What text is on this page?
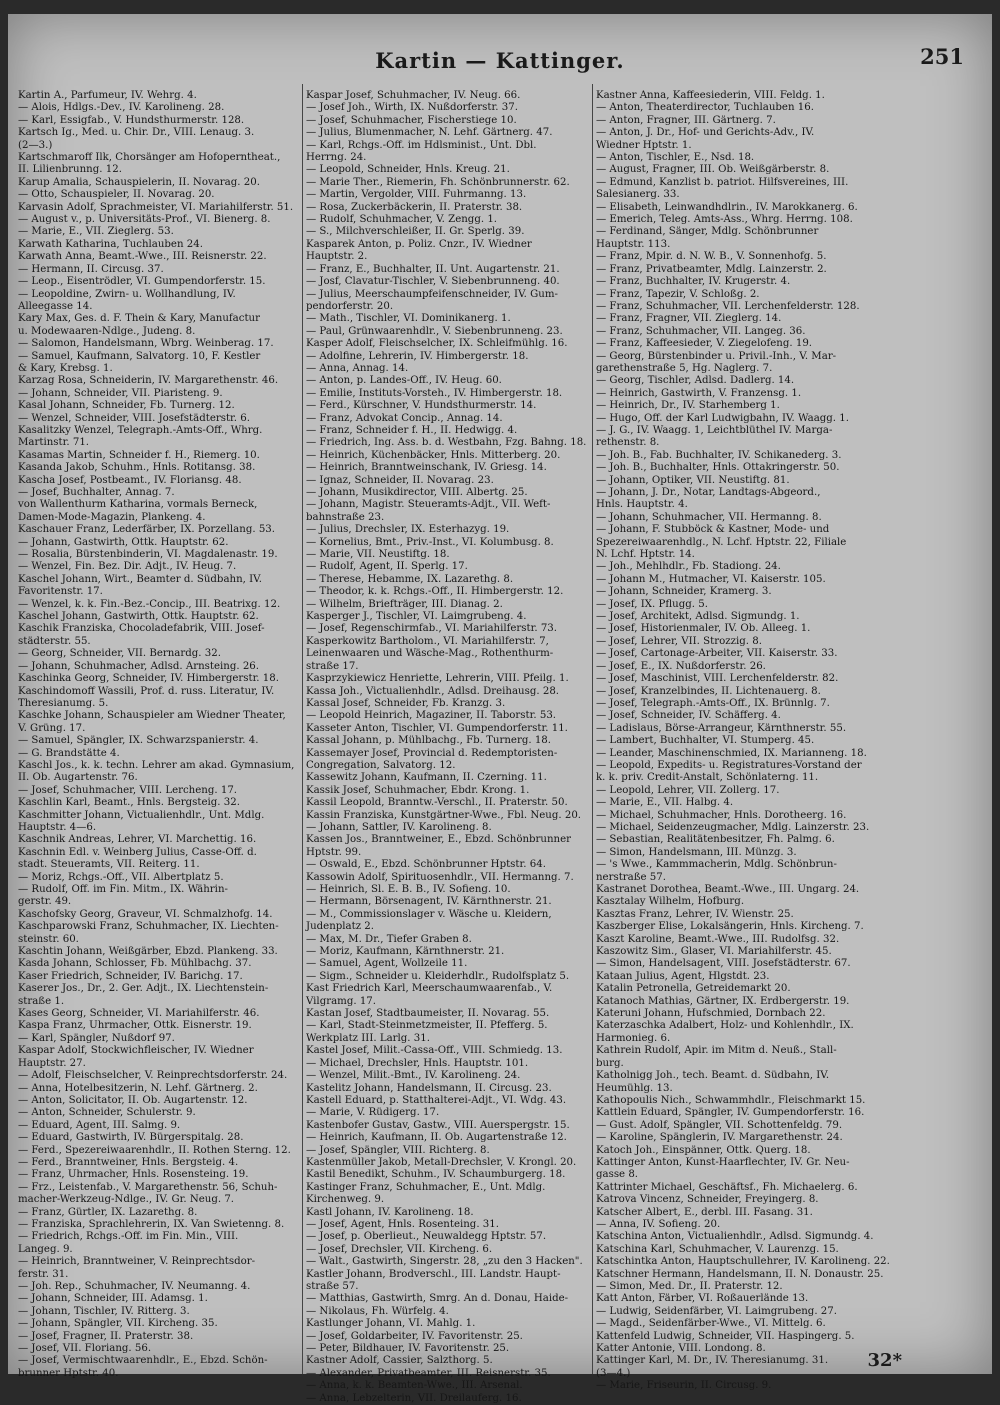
Kartin — Kattinger.	251
Kartin A., Parfumeur, IV. Wehrg. 4.
— Alois, Hdlgs.-Dev., IV. Karolineng. 28.
— Karl, Essigfab., V. Hundsthurmerstr. 128.
Kartsch Ig., Med. u. Chir. Dr., VIII. Lenaug. 3.
(2—3.)
Kartschmaroff Ilk, Chorsänger am Hofoperntheat.,
II. Lilienbrunng. 12.
Karup Amalia, Schauspielerin, II. Novarag. 20.
— Otto, Schauspieler, II. Novarag. 20.
Karvasin Adolf, Sprachmeister, VI. Mariahilferstr. 51.
— August v., p. Universitäts-Prof., VI. Bienerg. 8.
— Marie, E., VII. Zieglerg. 53.
Karwath Katharina, Tuchlauben 24.
Karwath Anna, Beamt.-Wwe., III. Reisnerstr. 22.
— Hermann, II. Circusg. 37.
— Leop., Eisentrödler, VI. Gumpendorferstr. 15.
— Leopoldine, Zwirn- u. Wollhandlung, IV.
Alleegasse 14.
Kary Max, Ges. d. F. Thein & Kary, Manufactur
u. Modewaaren-Ndlge., Judeng. 8.
— Salomon, Handelsmann, Wbrg. Weinberag. 17.
— Samuel, Kaufmann, Salvatorg. 10, F. Kestler
& Kary, Krebsg. 1.
Karzag Rosa, Schneiderin, IV. Margarethenstr. 46.
— Johann, Schneider, VII. Piaristeng. 9.
Kasal Johann, Schneider, Fb. Turnerg. 12.
— Wenzel, Schneider, VIII. Josefstädterstr. 6.
Kasalitzky Wenzel, Telegraph.-Amts-Off., Whrg.
Martinstr. 71.
Kasamas Martin, Schneider f. H., Riemerg. 10.
Kasanda Jakob, Schuhm., Hnls. Rotitansg. 38.
Kascha Josef, Postbeamt., IV. Floriansg. 48.
— Josef, Buchhalter, Annag. 7.
von Wallenthurm Katharina, vormals Berneck,
Damen-Mode-Magazin, Plankeng. 4.
Kaschauer Franz, Lederfärber, IX. Porzellang. 53.
— Johann, Gastwirth, Ottk. Hauptstr. 62.
— Rosalia, Bürstenbinderin, VI. Magdalenastr. 19.
— Wenzel, Fin. Bez. Dir. Adjt., IV. Heug. 7.
Kaschel Johann, Wirt., Beamter d. Südbahn, IV.
Favoritenstr. 17.
— Wenzel, k. k. Fin.-Bez.-Concip., III. Beatrixg. 12.
Kaschel Johann, Gastwirth, Ottk. Hauptstr. 62.
Kaschik Franziska, Chocoladefabrik, VIII. Josef-
städterstr. 55.
— Georg, Schneider, VII. Bernardg. 32.
— Johann, Schuhmacher, Adlsd. Arnsteing. 26.
Kaschinka Georg, Schneider, IV. Himbergerstr. 18.
Kaschindomoff Wassili, Prof. d. russ. Literatur, IV.
Theresianumg. 5.
Kaschke Johann, Schauspieler am Wiedner Theater,
V. Grüng. 17.
— Samuel, Spängler, IX. Schwarzspanierstr. 4.
— G. Brandstätte 4.
Kaschl Jos., k. k. techn. Lehrer am akad. Gymnasium,
II. Ob. Augartenstr. 76.
— Josef, Schuhmacher, VIII. Lercheng. 17.
Kaschlin Karl, Beamt., Hnls. Bergsteig. 32.
Kaschmitter Johann, Victualienhdlr., Unt. Mdlg.
Hauptstr. 4—6.
Kaschnik Andreas, Lehrer, VI. Marchettig. 16.
Kaschnin Edl. v. Weinberg Julius, Casse-Off. d.
stadt. Steueramts, VII. Reiterg. 11.
— Moriz, Rchgs.-Off., VII. Albertplatz 5.
— Rudolf, Off. im Fin. Mitm., IX. Währin-
gerstr. 49.
Kaschofsky Georg, Graveur, VI. Schmalzhofg. 14.
Kaschparowski Franz, Schuhmacher, IX. Liechten-
steinstr. 60.
Kaschtin Johann, Weißgärber, Ebzd. Plankeng. 33.
Kasda Johann, Schlosser, Fb. Mühlbachg. 37.
Kaser Friedrich, Schneider, IV. Barichg. 17.
Kaserer Jos., Dr., 2. Ger. Adjt., IX. Liechtenstein-
straße 1.
Kases Georg, Schneider, VI. Mariahilferstr. 46.
Kaspa Franz, Uhrmacher, Ottk. Eisnerstr. 19.
— Karl, Spängler, Nußdorf 97.
Kaspar Adolf, Stockwichfleischer, IV. Wiedner
Hauptstr. 27.
— Adolf, Fleischselcher, V. Reinprechtsdorferstr. 24.
— Anna, Hotelbesitzerin, N. Lehf. Gärtnerg. 2.
— Anton, Solicitator, II. Ob. Augartenstr. 12.
— Anton, Schneider, Schulerstr. 9.
— Eduard, Agent, III. Salmg. 9.
— Eduard, Gastwirth, IV. Bürgerspitalg. 28.
— Ferd., Spezereiwaarenhdlr., II. Rothen Sterng. 12.
— Ferd., Branntweiner, Hnls. Bergsteig. 4.
— Franz, Uhrmacher, Hnls. Rosensteing. 19.
— Frz., Leistenfab., V. Margarethenstr. 56, Schuh-
macher-Werkzeug-Ndlge., IV. Gr. Neug. 7.
— Franz, Gürtler, IX. Lazarethg. 8.
— Franziska, Sprachlehrerin, IX. Van Swietenng. 8.
— Friedrich, Rchgs.-Off. im Fin. Min., VIII.
Langeg. 9.
— Heinrich, Branntweiner, V. Reinprechtsdor-
ferstr. 31.
— Joh. Rep., Schuhmacher, IV. Neumanng. 4.
— Johann, Schneider, III. Adamsg. 1.
— Johann, Tischler, IV. Ritterg. 3.
— Johann, Spängler, VII. Kircheng. 35.
— Josef, Fragner, II. Praterstr. 38.
— Josef, VII. Floriang. 56.
— Josef, Vermischtwaarenhdlr., E., Ebzd. Schön-
brunner Hptstr. 40.
Kaspar Josef, Schuhmacher, IV. Neug. 66.
— Josef Joh., Wirth, IX. Nußdorferstr. 37.
— Josef, Schuhmacher, Fischerstiege 10.
— Julius, Blumenmacher, N. Lehf. Gärtnerg. 47.
— Karl, Rchgs.-Off. im Hdlsminist., Unt. Dbl.
Herrng. 24.
— Leopold, Schneider, Hnls. Kreug. 21.
— Marie Ther., Riemerin, Fh. Schönbrunnerstr. 62.
— Martin, Vergolder, VIII. Fuhrmanng. 13.
— Rosa, Zuckerbäckerin, II. Praterstr. 38.
— Rudolf, Schuhmacher, V. Zengg. 1.
— S., Milchverschleißer, II. Gr. Sperlg. 39.
Kasparek Anton, p. Poliz. Cnzr., IV. Wiedner
Hauptstr. 2.
— Franz, E., Buchhalter, II. Unt. Augartenstr. 21.
— Josf, Clavatur-Tischler, V. Siebenbrunneng. 40.
— Julius, Meerschaumpfeifenschneider, IV. Gum-
pendorferstr. 20.
— Math., Tischler, VI. Dominikanerg. 1.
— Paul, Grünwaarenhdlr., V. Siebenbrunneng. 23.
Kasper Adolf, Fleischselcher, IX. Schleifmühlg. 16.
— Adolfine, Lehrerin, IV. Himbergerstr. 18.
— Anna, Annag. 14.
— Anton, p. Landes-Off., IV. Heug. 60.
— Emilie, Instituts-Vorsteh., IV. Himbergerstr. 18.
— Ferd., Kürschner, V. Hundsthurmerstr. 14.
— Franz, Advokat Concip., Annag. 14.
— Franz, Schneider f. H., II. Hedwigg. 4.
— Friedrich, Ing. Ass. b. d. Westbahn, Fzg. Bahng. 18.
— Heinrich, Küchenbäcker, Hnls. Mitterberg. 20.
— Heinrich, Branntweinschank, IV. Griesg. 14.
— Ignaz, Schneider, II. Novarag. 23.
— Johann, Musikdirector, VIII. Albertg. 25.
— Johann, Magistr. Steueramts-Adjt., VII. Weft-
bahnstraße 23.
— Julius, Drechsler, IX. Esterhazyg. 19.
— Kornelius, Bmt., Priv.-Inst., VI. Kolumbusg. 8.
— Marie, VII. Neustiftg. 18.
— Rudolf, Agent, II. Sperlg. 17.
— Therese, Hebamme, IX. Lazarethg. 8.
— Theodor, k. k. Rchgs.-Off., II. Himbergerstr. 12.
— Wilhelm, Briefträger, III. Dianag. 2.
Kasperger J., Tischler, VI. Laimgrubeng. 4.
— Josef, Regenschirmfab., VI. Mariahilferstr. 73.
Kasperkowitz Bartholom., VI. Mariahilferstr. 7,
Leinenwaaren und Wäsche-Mag., Rothenthurm-
straße 17.
Kasprzykiewicz Henriette, Lehrerin, VIII. Pfeilg. 1.
Kassa Joh., Victualienhdlr., Adlsd. Dreihausg. 28.
Kassal Josef, Schneider, Fb. Kranzg. 3.
— Leopold Heinrich, Magaziner, II. Taborstr. 53.
Kasseter Anton, Tischler, VI. Gumpendorferstr. 11.
Kassal Johann, p. Mühlbachg., Fb. Turnerg. 18.
Kassemayer Josef, Provincial d. Redemptoristen-
Congregation, Salvatorg. 12.
Kassewitz Johann, Kaufmann, II. Czerning. 11.
Kassik Josef, Schuhmacher, Ebdr. Krong. 1.
Kassil Leopold, Branntw.-Verschl., II. Praterstr. 50.
Kassin Franziska, Kunstgärtner-Wwe., Fbl. Neug. 20.
— Johann, Sattler, IV. Karolineng. 8.
Kassen Jos., Branntweiner, E., Ebzd. Schönbrunner
Hptstr. 99.
— Oswald, E., Ebzd. Schönbrunner Hptstr. 64.
Kassowin Adolf, Spirituosenhdlr., VII. Hermanng. 7.
— Heinrich, Sl. E. B. B., IV. Sofieng. 10.
— Hermann, Börsenagent, IV. Kärnthnerstr. 21.
— M., Commissionslager v. Wäsche u. Kleidern,
Judenplatz 2.
— Max, M. Dr., Tiefer Graben 8.
— Moriz, Kaufmann, Kärnthnerstr. 21.
— Samuel, Agent, Wollzeile 11.
— Sigm., Schneider u. Kleiderhdlr., Rudolfsplatz 5.
Kast Friedrich Karl, Meerschaumwaarenfab., V.
Vilgramg. 17.
Kastan Josef, Stadtbaumeister, II. Novarag. 55.
— Karl, Stadt-Steinmetzmeister, II. Pfefferg. 5.
Werkplatz III. Larlg. 31.
Kastel Josef, Milit.-Cassa-Off., VIII. Schmiedg. 13.
— Michael, Drechsler, Hnls. Hauptstr. 101.
— Wenzel, Milit.-Bmt., IV. Karolineng. 24.
Kastelitz Johann, Handelsmann, II. Circusg. 23.
Kastell Eduard, p. Statthalterei-Adjt., VI. Wdg. 43.
— Marie, V. Rüdigerg. 17.
Kastenbofer Gustav, Gastw., VIII. Auerspergstr. 15.
— Heinrich, Kaufmann, II. Ob. Augartenstraße 12.
— Josef, Spängler, VIII. Richterg. 8.
Kastenmüller Jakob, Metall-Drechsler, V. Krongl. 20.
Kastil Benedikt, Schuhm., IV. Schaumburgerg. 18.
Kastinger Franz, Schuhmacher, E., Unt. Mdlg.
Kirchenweg. 9.
Kastl Johann, IV. Karolineng. 18.
— Josef, Agent, Hnls. Rosenteing. 31.
— Josef, p. Oberlieut., Neuwaldegg Hptstr. 57.
— Josef, Drechsler, VII. Kircheng. 6.
— Walt., Gastwirth, Singerstr. 28, „zu den 3 Hacken".
Kastler Johann, Brodverschl., III. Landstr. Haupt-
straße 57.
— Matthias, Gastwirth, Smrg. An d. Donau, Haide-
— Nikolaus, Fh. Würfelg. 4.
Kastlunger Johann, VI. Mahlg. 1.
— Josef, Goldarbeiter, IV. Favoritenstr. 25.
— Peter, Bildhauer, IV. Favoritenstr. 25.
Kastner Adolf, Cassier, Salzthorg. 5.
— Alexander, Privatbeamter, III. Reisnerstr. 35.
— Anna, k. k. Beamten-Wwe., III. Arsenal.
— Anna, Lebzelterin, VII. Dreilauferg. 16.
Kastner Anna, Kaffeesiederin, VIII. Feldg. 1.
— Anton, Theaterdirector, Tuchlauben 16.
— Anton, Fragner, III. Gärtnerg. 7.
— Anton, J. Dr., Hof- und Gerichts-Adv., IV.
Wiedner Hptstr. 1.
— Anton, Tischler, E., Nsd. 18.
— August, Fragner, III. Ob. Weißgärberstr. 8.
— Edmund, Kanzlist b. patriot. Hilfsvereines, III.
Salesianerg. 33.
— Elisabeth, Leinwandhdlrin., IV. Marokkanerg. 6.
— Emerich, Teleg. Amts-Ass., Whrg. Herrng. 108.
— Ferdinand, Sänger, Mdlg. Schönbrunner
Hauptstr. 113.
— Franz, Mpir. d. N. W. B., V. Sonnenhofg. 5.
— Franz, Privatbeamter, Mdlg. Lainzerstr. 2.
— Franz, Buchhalter, IV. Krugerstr. 4.
— Franz, Tapezir, V. Schloßg. 2.
— Franz, Schuhmacher, VII. Lerchenfelderstr. 128.
— Franz, Fragner, VII. Zieglerg. 14.
— Franz, Schuhmacher, VII. Langeg. 36.
— Franz, Kaffeesieder, V. Ziegelofeng. 19.
— Georg, Bürstenbinder u. Privil.-Inh., V. Mar-
garethenstraße 5, Hg. Naglerg. 7.
— Georg, Tischler, Adlsd. Dadlerg. 14.
— Heinrich, Gastwirth, V. Franzensg. 1.
— Heinrich, Dr., IV. Starhemberg 1.
— Hugo, Off. der Karl Ludwigbahn, IV. Waagg. 1.
— J. G., IV. Waagg. 1, Leichtblüthel IV. Marga-
rethenstr. 8.
— Joh. B., Fab. Buchhalter, IV. Schikanederg. 3.
— Joh. B., Buchhalter, Hnls. Ottakringerstr. 50.
— Johann, Optiker, VII. Neustiftg. 81.
— Johann, J. Dr., Notar, Landtags-Abgeord.,
Hnls. Hauptstr. 4.
— Johann, Schuhmacher, VII. Hermanng. 8.
— Johann, F. Stubböck & Kastner, Mode- und
Spezereiwaarenhdlg., N. Lchf. Hptstr. 22, Filiale
N. Lchf. Hptstr. 14.
— Joh., Mehlhdlr., Fb. Stadiong. 24.
— Johann M., Hutmacher, VI. Kaiserstr. 105.
— Johann, Schneider, Kramerg. 3.
— Josef, IX. Pflugg. 5.
— Josef, Architekt, Adlsd. Sigmundg. 1.
— Josef, Historienmaler, IV. Ob. Alleeg. 1.
— Josef, Lehrer, VII. Strozzig. 8.
— Josef, Cartonage-Arbeiter, VII. Kaiserstr. 33.
— Josef, E., IX. Nußdorferstr. 26.
— Josef, Maschinist, VIII. Lerchenfelderstr. 82.
— Josef, Kranzelbindes, II. Lichtenauerg. 8.
— Josef, Telegraph.-Amts-Off., IX. Brünnlg. 7.
— Josef, Schneider, IV. Schäfferg. 4.
— Ladislaus, Börse-Arrangeur, Kärnthnerstr. 55.
— Lambert, Buchhalter, VI. Stumperg. 45.
— Leander, Maschinenschmied, IX. Marianneng. 18.
— Leopold, Expedits- u. Registratures-Vorstand der
k. k. priv. Credit-Anstalt, Schönlaterng. 11.
— Leopold, Lehrer, VII. Zollerg. 17.
— Marie, E., VII. Halbg. 4.
— Michael, Schuhmacher, Hnls. Dorotheerg. 16.
— Michael, Seidenzeugmacher, Mdlg. Lainzerstr. 23.
— Sebastian, Realitätenbesitzer, Fh. Palmg. 6.
— Simon, Handelsmann, III. Münzg. 3.
— 's Wwe., Kammmacherin, Mdlg. Schönbrun-
nerstraße 57.
Kastranet Dorothea, Beamt.-Wwe., III. Ungarg. 24.
Kasztalay Wilhelm, Hofburg.
Kasztas Franz, Lehrer, IV. Wienstr. 25.
Kaszberger Elise, Lokalsängerin, Hnls. Kircheng. 7.
Kaszt Karoline, Beamt.-Wwe., III. Rudolfsg. 32.
Kaszowitz Sim., Glaser, VI. Mariahilferstr. 45.
— Simon, Handelsagent, VIII. Josefstädterstr. 67.
Kataan Julius, Agent, Hlgstdt. 23.
Katalin Petronella, Getreidemarkt 20.
Katanoch Mathias, Gärtner, IX. Erdbergerstr. 19.
Kateruni Johann, Hufschmied, Dornbach 22.
Katerzaschka Adalbert, Holz- und Kohlenhdlr., IX.
Harmonieg. 6.
Kathrein Rudolf, Apir. im Mitm d. Neuß., Stall-
burg.
Katholnigg Joh., tech. Beamt. d. Südbahn, IV.
Heumühlg. 13.
Kathopoulis Nich., Schwammhdlr., Fleischmarkt 15.
Kattlein Eduard, Spängler, IV. Gumpendorferstr. 16.
— Gust. Adolf, Spängler, VII. Schottenfeldg. 79.
— Karoline, Spänglerin, IV. Margarethenstr. 24.
Katoch Joh., Einspänner, Ottk. Querg. 18.
Kattinger Anton, Kunst-Haarflechter, IV. Gr. Neu-
gasse 8.
Kattrinter Michael, Geschäftsf., Fh. Michaelerg. 6.
Katrova Vincenz, Schneider, Freyingerg. 8.
Katscher Albert, E., derbl. III. Fasang. 31.
— Anna, IV. Sofieng. 20.
Katschina Anton, Victualienhdlr., Adlsd. Sigmundg. 4.
Katschina Karl, Schuhmacher, V. Laurenzg. 15.
Katschintka Anton, Hauptschullehrer, IV. Karolineng. 22.
Katschner Hermann, Handelsmann, II. N. Donaustr. 25.
— Simon, Med. Dr., II. Praterstr. 12.
Katt Anton, Färber, VI. Roßauerlände 13.
— Ludwig, Seidenfärber, VI. Laimgrubeng. 27.
— Magd., Seidenfärber-Wwe., VI. Mittelg. 6.
Kattenfeld Ludwig, Schneider, VII. Haspingerg. 5.
Katter Antonie, VIII. Londong. 8.
Kattinger Karl, M. Dr., IV. Theresianumg. 31.
(3—4.)
— Marie, Friseurin, II. Circusg. 9.
32*
